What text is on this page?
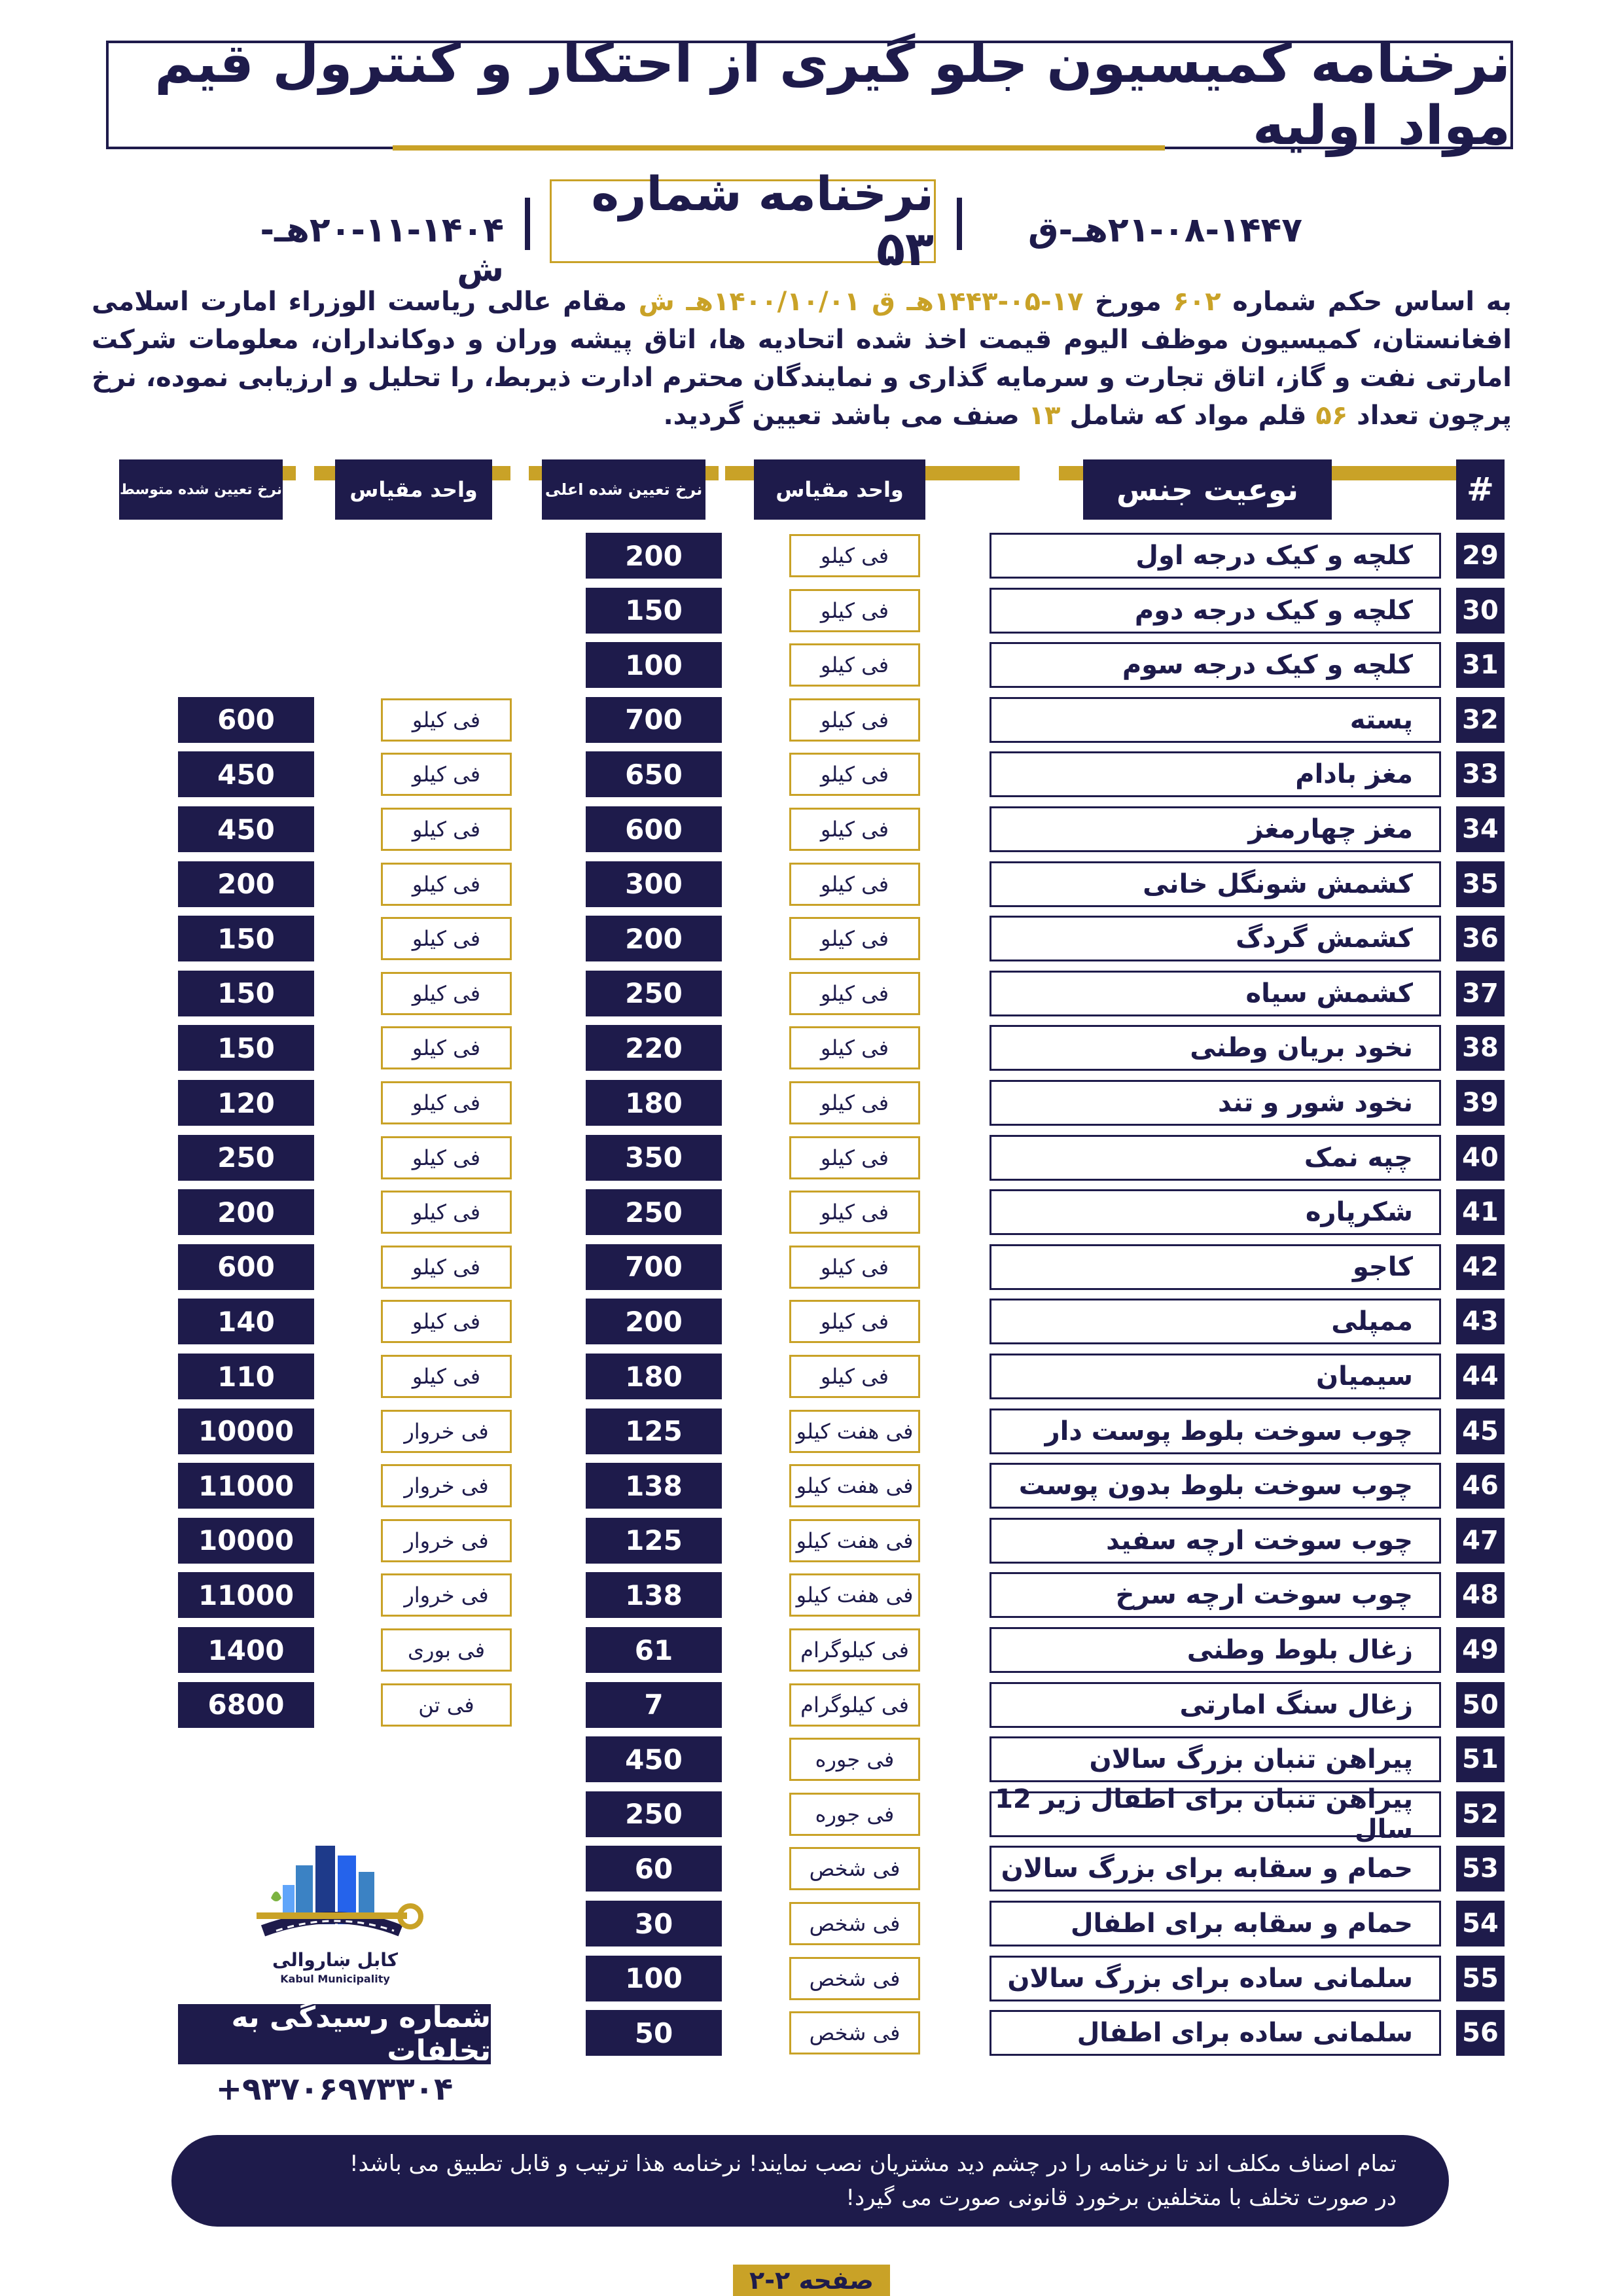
نرخنامه کمیسیون جلو گیری از احتکار و کنترول قیم مواد اولیه
۲۱-۰۸-۱۴۴۷هـ-ق
نرخنامه شماره ۵۳
۲۰-۱۱-۱۴۰۴هـ-ش
به اساس حکم شماره ۶۰۲ مورخ ۱۷-۰۵-۱۴۴۳هـ ق ۱۴۰۰/۱۰/۰۱هـ ش مقام عالی ریاست الوزراء امارت اسلامی افغانستان، کمیسیون موظف الیوم قیمت اخذ شده اتحادیه ها، اتاق پیشه وران و دوکانداران، معلومات شرکت امارتی نفت و گاز، اتاق تجارت و سرمایه گذاری و نمایندگان محترم ادارت ذیربط، را تحلیل و ارزیابی نموده، نرخ پرچون تعداد ۵۶ قلم مواد که شامل ۱۳ صنف می باشد تعیین گردید.
#
نوعیت جنس
واحد مقیاس
نرخ تعیین شده اعلی
واحد مقیاس
نرخ تعیین شده متوسط
29
کلچه و کیک درجه اول
فی کیلو
200
30
کلچه و کیک درجه دوم
فی کیلو
150
31
کلچه و کیک درجه سوم
فی کیلو
100
32
پسته
فی کیلو
700
فی کیلو
600
33
مغز بادام
فی کیلو
650
فی کیلو
450
34
مغز چهارمغز
فی کیلو
600
فی کیلو
450
35
کشمش شونگل خانی
فی کیلو
300
فی کیلو
200
36
کشمش گردگ
فی کیلو
200
فی کیلو
150
37
کشمش سیاه
فی کیلو
250
فی کیلو
150
38
نخود بریان وطنی
فی کیلو
220
فی کیلو
150
39
نخود شور و تند
فی کیلو
180
فی کیلو
120
40
چپه نمک
فی کیلو
350
فی کیلو
250
41
شکرپاره
فی کیلو
250
فی کیلو
200
42
کاجو
فی کیلو
700
فی کیلو
600
43
ممپلی
فی کیلو
200
فی کیلو
140
44
سیمیان
فی کیلو
180
فی کیلو
110
45
چوب سوخت بلوط پوست دار
فی هفت کیلو
125
فی خروار
10000
46
چوب سوخت بلوط بدون پوست
فی هفت کیلو
138
فی خروار
11000
47
چوب سوخت ارچه سفید
فی هفت کیلو
125
فی خروار
10000
48
چوب سوخت ارچه سرخ
فی هفت کیلو
138
فی خروار
11000
49
زغال بلوط وطنی
فی کیلوگرام
61
فی بوری
1400
50
زغال سنگ امارتی
فی کیلوگرام
7
فی تن
6800
51
پیراهن تنبان بزرگ سالان
فی جوره
450
52
پیراهن تنبان برای اطفال زیر 12 سال
فی جوره
250
53
حمام و سقابه برای بزرگ سالان
فی شخص
60
54
حمام و سقابه برای اطفال
فی شخص
30
55
سلمانی ساده برای بزرگ سالان
فی شخص
100
56
سلمانی ساده برای اطفال
فی شخص
50
کابل ښاروالی
Kabul Municipality
شماره رسیدگی به تخلفات
+۹۳۷۰۶۹۷۳۳۰۴
تمام اصناف مکلف اند تا نرخنامه را در چشم دید مشتریان نصب نمایند! نرخنامه هذا ترتیب و قابل تطبیق می باشد!
در صورت تخلف با متخلفین برخورد قانونی صورت می گیرد!
صفحه ۲-۲
